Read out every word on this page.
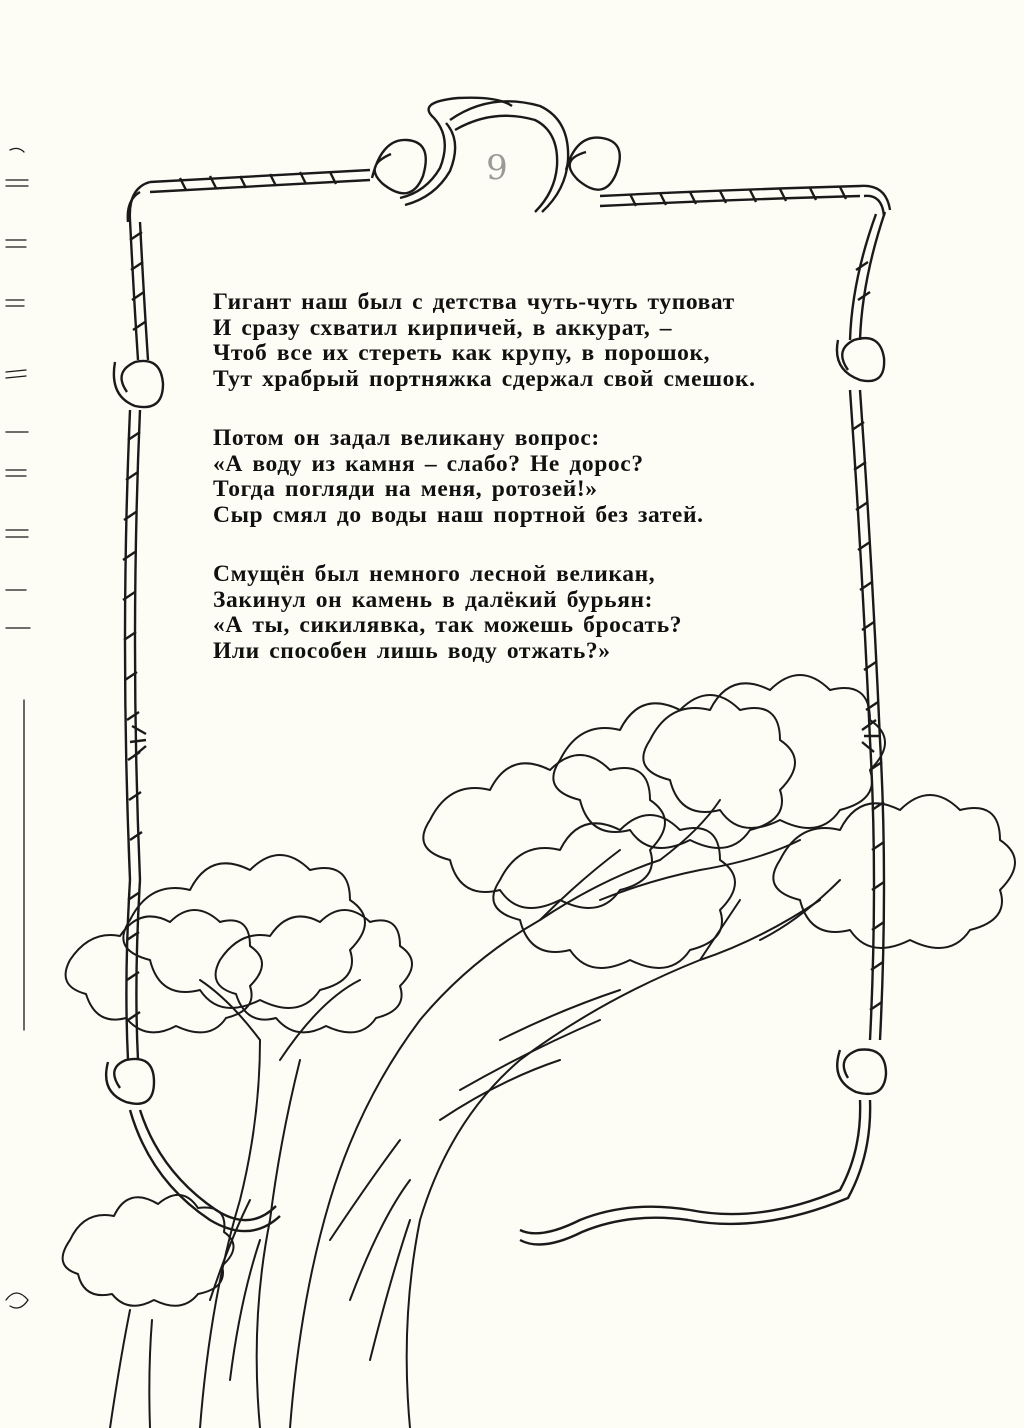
9
Гигант наш был с детства чуть-чуть туповат
И сразу схватил кирпичей, в аккурат, –
Чтоб все их стереть как крупу, в порошок,
Тут храбрый портняжка сдержал свой смешок.
Потом он задал великану вопрос:
«А воду из камня – слабо? Не дорос?
Тогда погляди на меня, ротозей!»
Сыр смял до воды наш портной без затей.
Смущён был немного лесной великан,
Закинул он камень в далёкий бурьян:
«А ты, сикилявка, так можешь бросать?
Или способен лишь воду отжать?»
